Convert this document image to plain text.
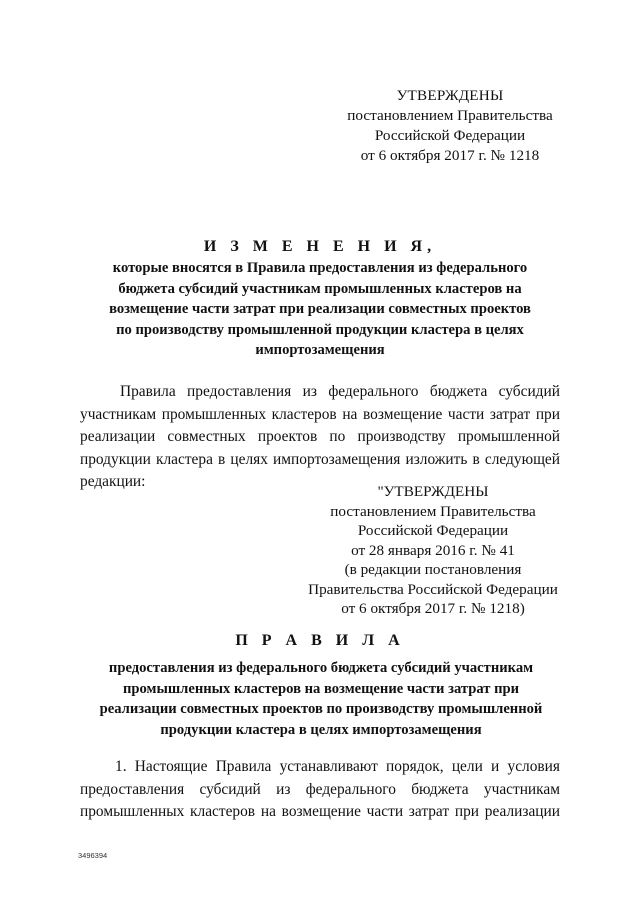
УТВЕРЖДЕНЫ
постановлением Правительства
Российской Федерации
от 6 октября 2017 г. № 1218
И З М Е Н Е Н И Я,
которые вносятся в Правила предоставления из федерального
бюджета субсидий участникам промышленных кластеров на
возмещение части затрат при реализации совместных проектов
по производству промышленной продукции кластера в целях
импортозамещения
Правила предоставления из федерального бюджета субсидий
участникам промышленных кластеров на возмещение части затрат при
реализации совместных проектов по производству промышленной
продукции кластера в целях импортозамещения изложить в следующей
редакции:
"УТВЕРЖДЕНЫ
постановлением Правительства
Российской Федерации
от 28 января 2016 г. № 41
(в редакции постановления
Правительства Российской Федерации
от 6 октября 2017 г. № 1218)
П Р А В И Л А
предоставления из федерального бюджета субсидий участникам
промышленных кластеров на возмещение части затрат при
реализации совместных проектов по производству промышленной
продукции кластера в целях импортозамещения
1. Настоящие Правила устанавливают порядок, цели и условия
предоставления субсидий из федерального бюджета участникам
промышленных кластеров на возмещение части затрат при реализации
3496394
